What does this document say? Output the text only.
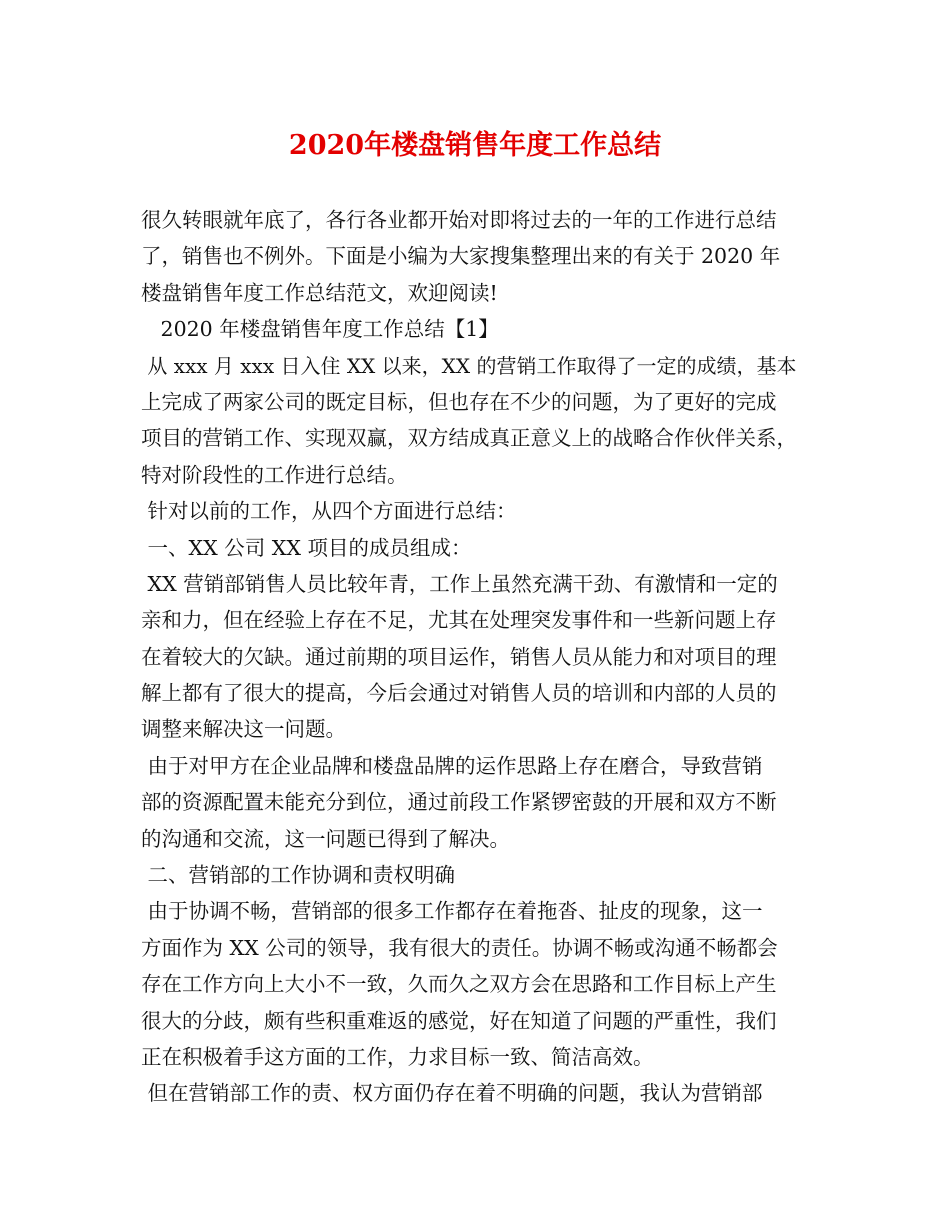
2020年楼盘销售年度工作总结
很久转眼就年底了，各行各业都开始对即将过去的一年的工作进行总结
了，销售也不例外。下面是小编为大家搜集整理出来的有关于 2020 年
楼盘销售年度工作总结范文，欢迎阅读!
2020 年楼盘销售年度工作总结【1】
从 xxx 月 xxx 日入住 XX 以来，XX 的营销工作取得了一定的成绩，基本
上完成了两家公司的既定目标，但也存在不少的问题，为了更好的完成
项目的营销工作、实现双赢，双方结成真正意义上的战略合作伙伴关系，
特对阶段性的工作进行总结。
针对以前的工作，从四个方面进行总结：
一、XX 公司 XX 项目的成员组成：
XX 营销部销售人员比较年青，工作上虽然充满干劲、有激情和一定的
亲和力，但在经验上存在不足，尤其在处理突发事件和一些新问题上存
在着较大的欠缺。通过前期的项目运作，销售人员从能力和对项目的理
解上都有了很大的提高，今后会通过对销售人员的培训和内部的人员的
调整来解决这一问题。
由于对甲方在企业品牌和楼盘品牌的运作思路上存在磨合，导致营销
部的资源配置未能充分到位，通过前段工作紧锣密鼓的开展和双方不断
的沟通和交流，这一问题已得到了解决。
二、营销部的工作协调和责权明确
由于协调不畅，营销部的很多工作都存在着拖沓、扯皮的现象，这一
方面作为 XX 公司的领导，我有很大的责任。协调不畅或沟通不畅都会
存在工作方向上大小不一致，久而久之双方会在思路和工作目标上产生
很大的分歧，颇有些积重难返的感觉，好在知道了问题的严重性，我们
正在积极着手这方面的工作，力求目标一致、简洁高效。
但在营销部工作的责、权方面仍存在着不明确的问题，我认为营销部
